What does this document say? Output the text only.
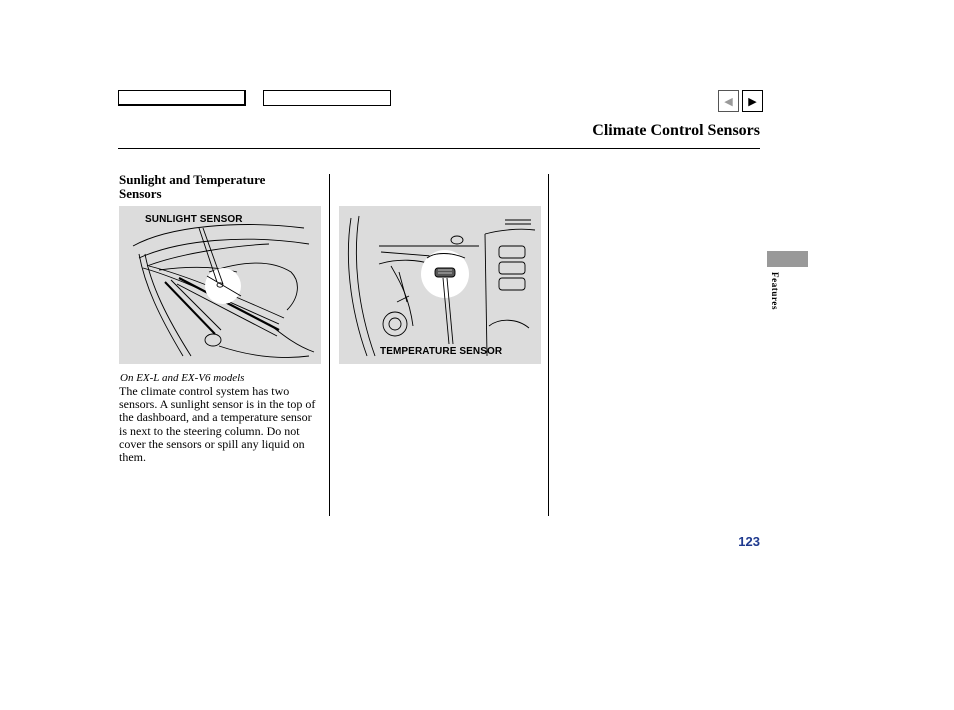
◀	▶
Climate Control Sensors
Sunlight and Temperature Sensors
SUNLIGHT SENSOR
TEMPERATURE SENSOR
On EX-L and EX-V6 models
The climate control system has two sensors. A sunlight sensor is in the top of the dashboard, and a temperature sensor is next to the steering column. Do not cover the sensors or spill any liquid on them.
Features
123
